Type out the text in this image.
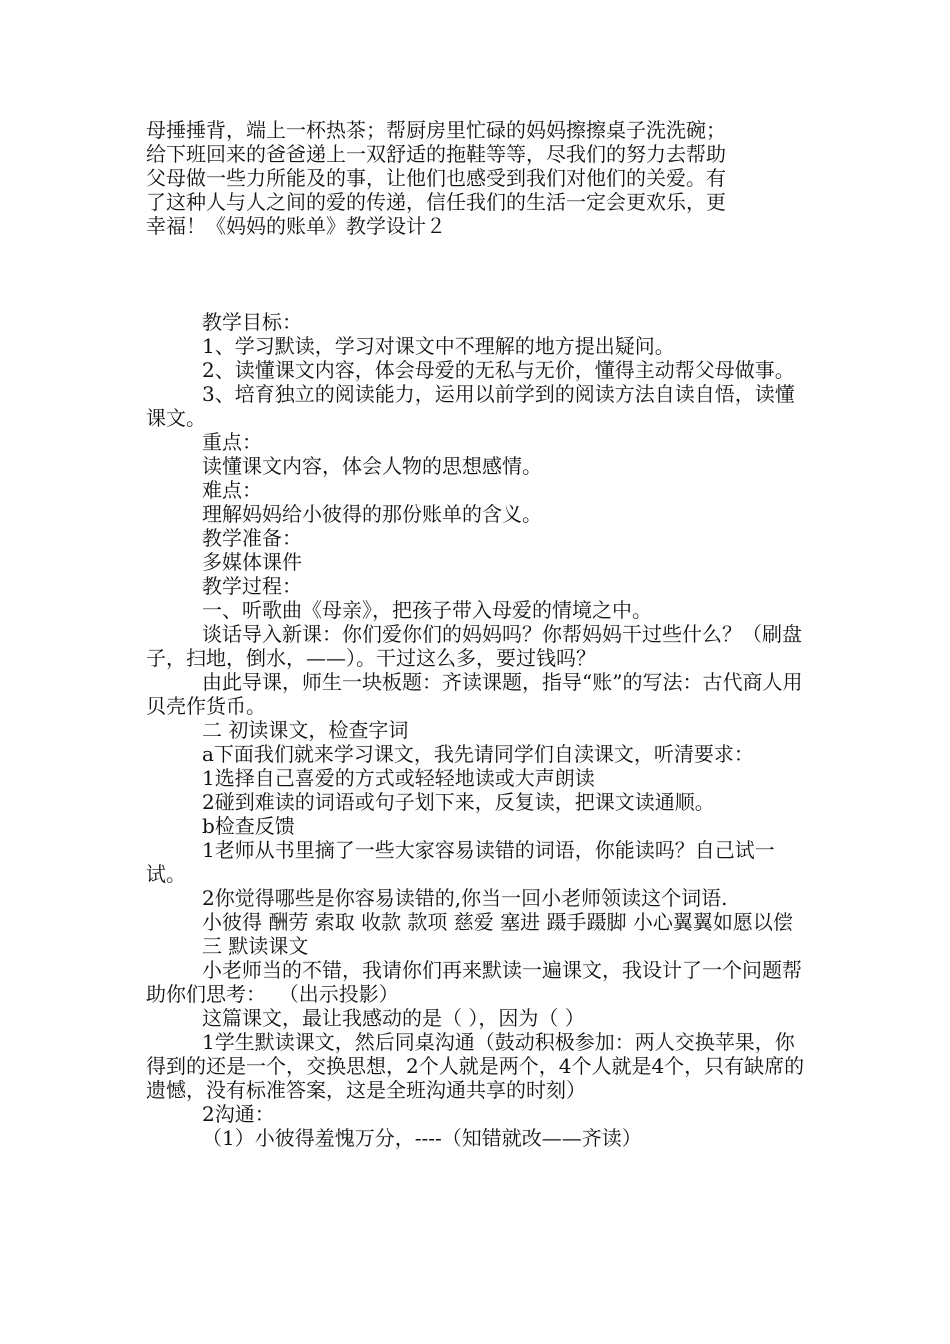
母捶捶背，端上一杯热茶；帮厨房里忙碌的妈妈擦擦桌子洗洗碗；

给下班回来的爸爸递上一双舒适的拖鞋等等，尽我们的努力去帮助

父母做一些力所能及的事，让他们也感受到我们对他们的关爱。有

了这种人与人之间的爱的传递，信任我们的生活一定会更欢乐，更

幸福！《妈妈的账单》教学设计２

教学目标：

1、学习默读，学习对课文中不理解的地方提出疑问。

2、读懂课文内容，体会母爱的无私与无价，懂得主动帮父母做事。

3、培育独立的阅读能力，运用以前学到的阅读方法自读自悟，读懂课文。

重点：

读懂课文内容，体会人物的思想感情。

难点：

理解妈妈给小彼得的那份账单的含义。

教学准备：

多媒体课件

教学过程：

一、听歌曲《母亲》，把孩子带入母爱的情境之中。

谈话导入新课：你们爱你们的妈妈吗？你帮妈妈干过些什么？（刷盘子，扫地，倒水，——）。干过这么多，要过钱吗？

由此导课，师生一块板题：齐读课题，指导“账”的写法：古代商人用贝壳作货币。

二 初读课文，检查字词

a下面我们就来学习课文，我先请同学们自渎课文，听清要求：

1选择自己喜爱的方式或轻轻地读或大声朗读

2碰到难读的词语或句子划下来，反复读，把课文读通顺。

b检查反馈

1老师从书里摘了一些大家容易读错的词语，你能读吗？自己试一试。

2你觉得哪些是你容易读错的,你当一回小老师领读这个词语.

小彼得 酬劳 索取 收款 款项 慈爱 塞进 蹑手蹑脚 小心翼翼如愿以偿

三 默读课文

小老师当的不错，我请你们再来默读一遍课文，我设计了一个问题帮助你们思考：  （出示投影）

这篇课文，最让我感动的是（ ），因为（ ）

1学生默读课文，然后同桌沟通（鼓动积极参加：两人交换苹果，你得到的还是一个，交换思想，2个人就是两个，4个人就是4个，只有缺席的遗憾，没有标准答案，这是全班沟通共享的时刻）

2沟通：

（1）小彼得羞愧万分，----（知错就改——齐读）
